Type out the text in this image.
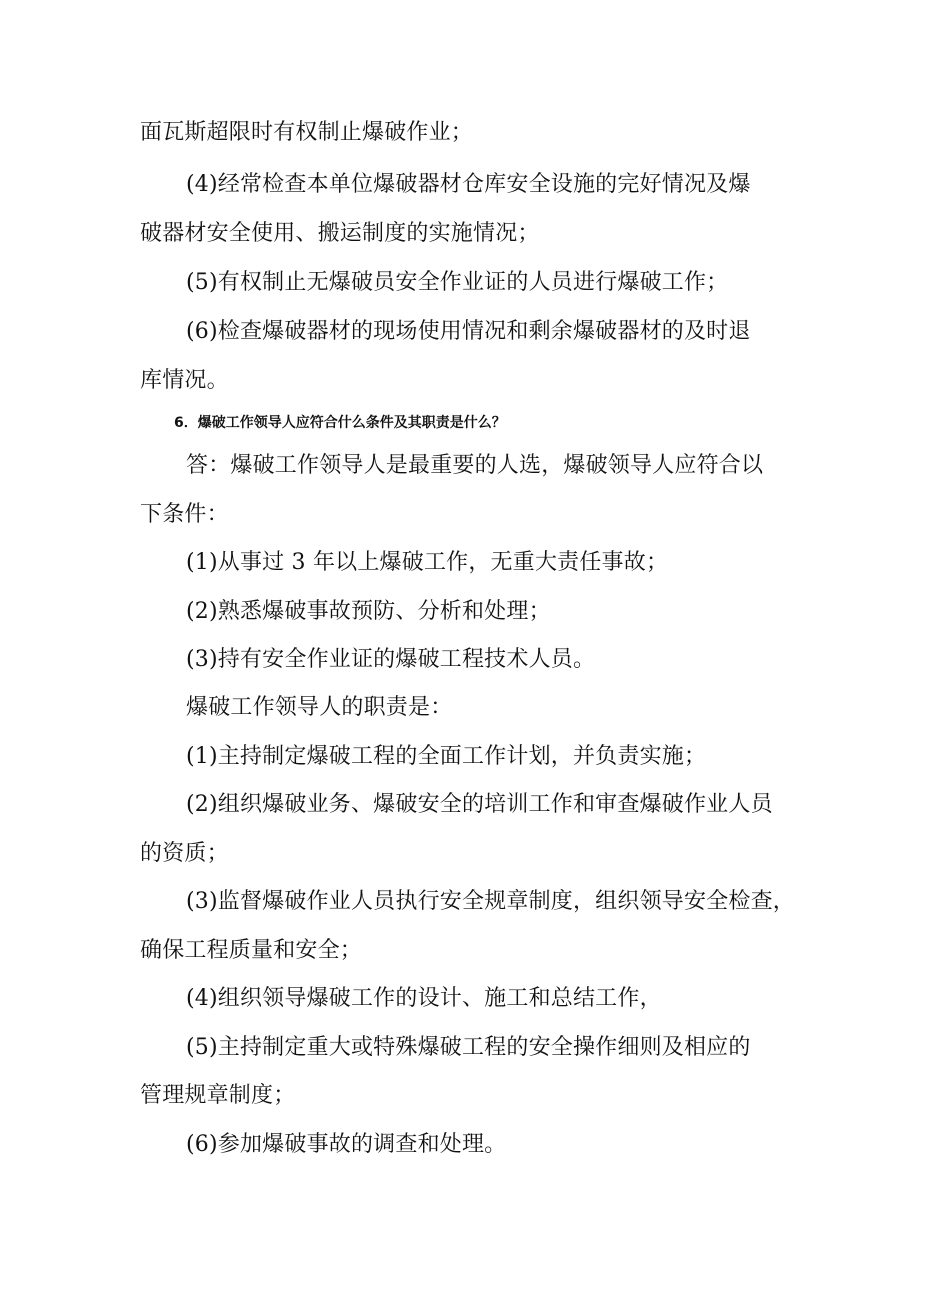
面瓦斯超限时有权制止爆破作业；
(4)经常检查本单位爆破器材仓库安全设施的完好情况及爆
破器材安全使用、搬运制度的实施情况；
(5)有权制止无爆破员安全作业证的人员进行爆破工作；
(6)检查爆破器材的现场使用情况和剩余爆破器材的及时退
库情况。
6．爆破工作领导人应符合什么条件及其职责是什么？
答：爆破工作领导人是最重要的人选，爆破领导人应符合以
下条件：
(1)从事过 3 年以上爆破工作，无重大责任事故；
(2)熟悉爆破事故预防、分析和处理；
(3)持有安全作业证的爆破工程技术人员。
爆破工作领导人的职责是：
(1)主持制定爆破工程的全面工作计划，并负责实施；
(2)组织爆破业务、爆破安全的培训工作和审查爆破作业人员
的资质；
(3)监督爆破作业人员执行安全规章制度，组织领导安全检查，
确保工程质量和安全；
(4)组织领导爆破工作的设计、施工和总结工作，
(5)主持制定重大或特殊爆破工程的安全操作细则及相应的
管理规章制度；
(6)参加爆破事故的调查和处理。
